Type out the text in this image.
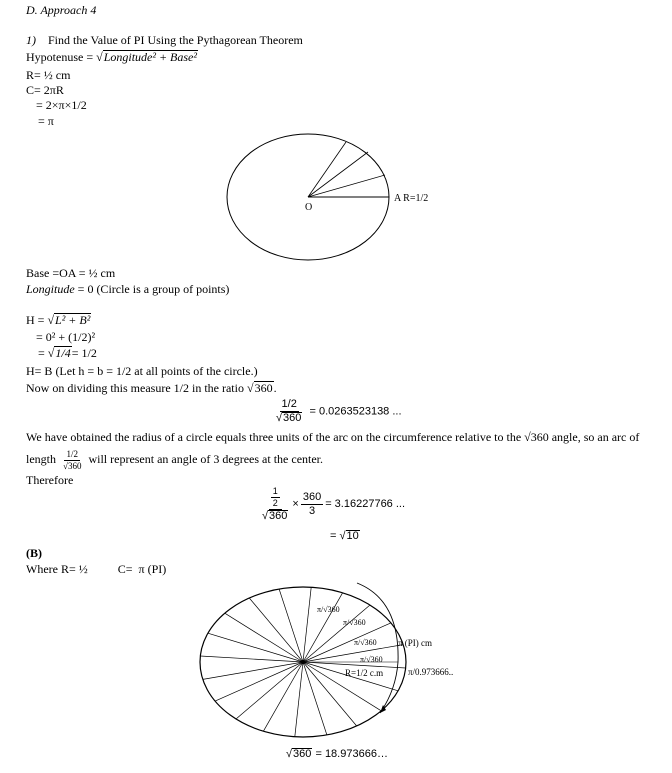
D. Approach 4
1) Find the Value of PI Using the Pythagorean Theorem
Hypotenuse = √Longitude² + Base²
R= ½ cm
C= 2πR
= 2×π×1/2
= π
O
A R=1/2
Base =OA = ½ cm
Longitude = 0 (Circle is a group of points)
H = √L² + B²
= 0² + (1/2)²
= √1/4= 1/2
H= B (Let h = b = 1/2 at all points of the circle.)
Now on dividing this measure 1/2 in the ratio √360.
$\frac{1/2}{√360} = 0.0263523138$ ...
We have obtained the radius of a circle equals three units of the arc on the circumference relative to the √360 angle, so an arc of
length $\frac{1/2}{√360}$ will represent an angle of 3 degrees at the center.
Therefore
$\frac{\frac{1}{2}}{√360} \times \frac{360}{3} = 3.16227766$ ...
= √10
(B)
Where R= ½          C=  π (PI)
π/√360
π/√360
π/√360
π/√360
R=1/2 c.m
π (PI) cm
π/0.973666..
√360 = 18.973666…
